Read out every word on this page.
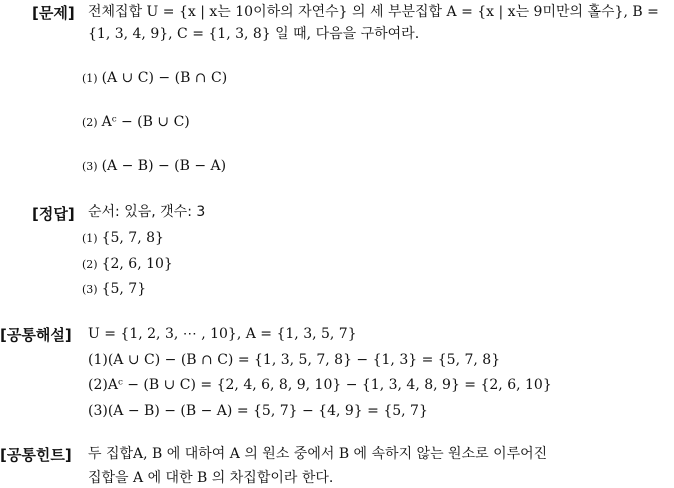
[문제] 전체집합 U = {x | x는 10이하의 자연수} 의 세 부분집합 A = {x | x는 9미만의 홀수}, B =
{1, 3, 4, 9}, C = {1, 3, 8} 일 때, 다음을 구하여라.
(1) (A ∪ C) − (B ∩ C)
(2) Aᶜ − (B ∪ C)
(3) (A − B) − (B − A)
[정답] 순서: 있음, 갯수: 3
(1) {5, 7, 8}
(2) {2, 6, 10}
(3) {5, 7}
[공통해설] U = {1, 2, 3, ⋯ , 10}, A = {1, 3, 5, 7}
(1)(A ∪ C) − (B ∩ C) = {1, 3, 5, 7, 8} − {1, 3} = {5, 7, 8}
(2)Aᶜ − (B ∪ C) = {2, 4, 6, 8, 9, 10} − {1, 3, 4, 8, 9} = {2, 6, 10}
(3)(A − B) − (B − A) = {5, 7} − {4, 9} = {5, 7}
[공통힌트] 두 집합A, B 에 대하여 A 의 원소 중에서 B 에 속하지 않는 원소로 이루어진
집합을 A 에 대한 B 의 차집합이라 한다.
